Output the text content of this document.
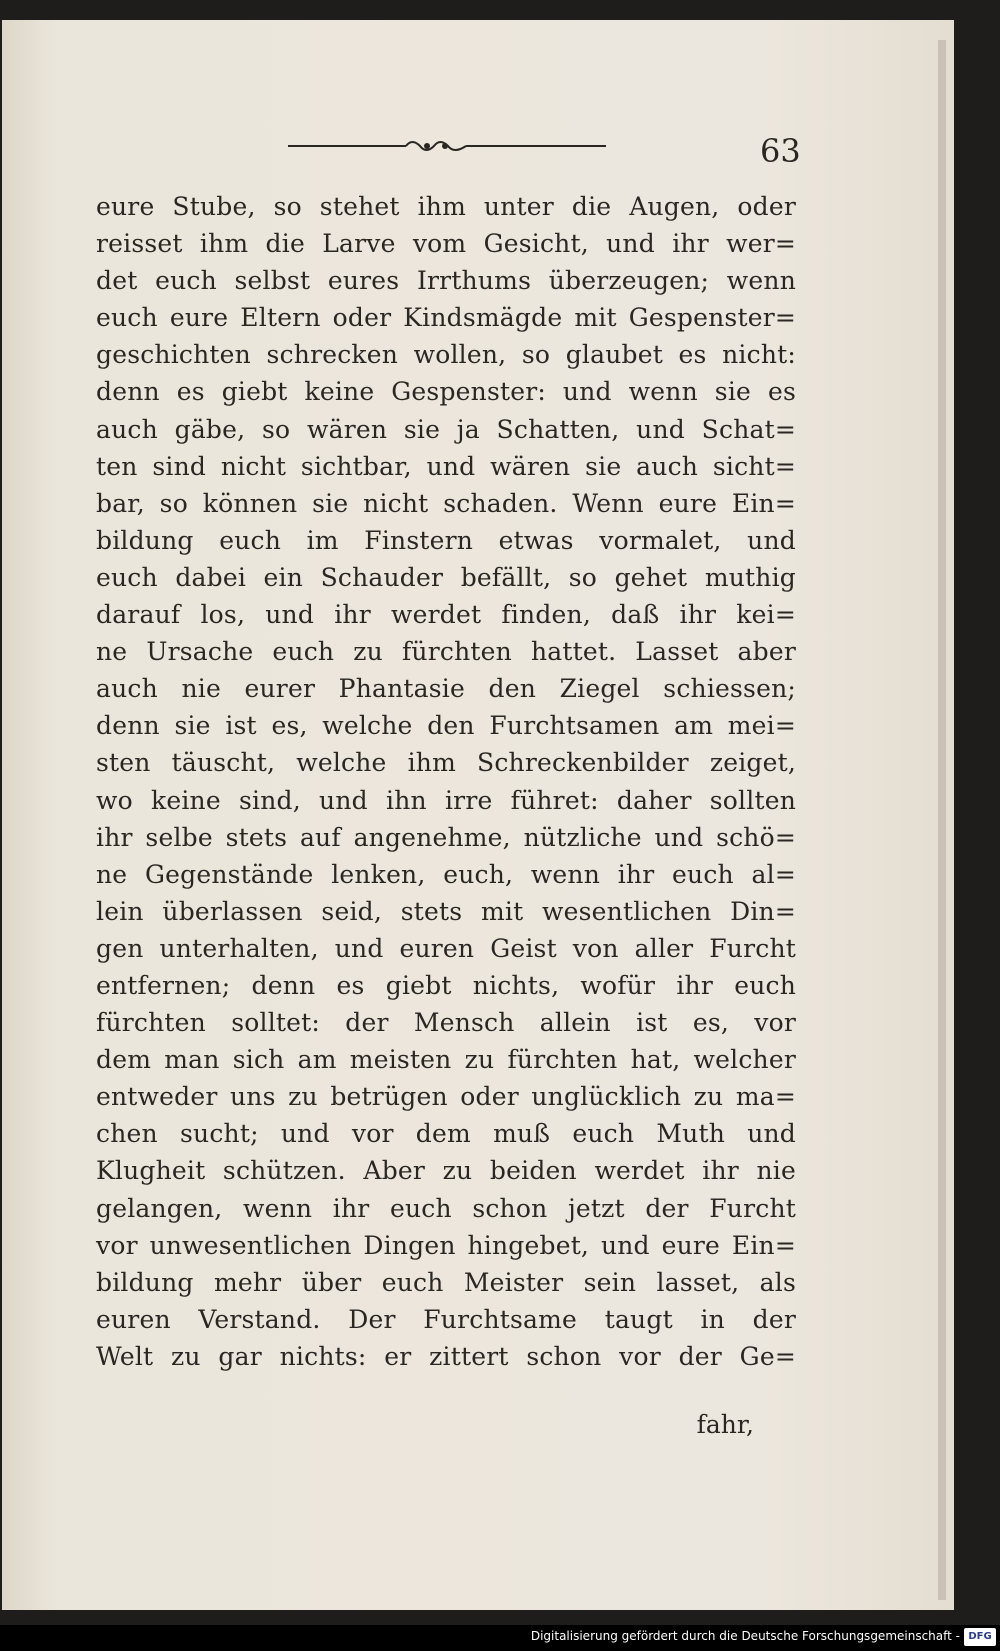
63
eure Stube, so stehet ihm unter die Augen, oder
reisset ihm die Larve vom Gesicht, und ihr wer=
det euch selbst eures Irrthums überzeugen; wenn
euch eure Eltern oder Kindsmägde mit Gespenster=
geschichten schrecken wollen, so glaubet es nicht:
denn es giebt keine Gespenster: und wenn sie es
auch gäbe, so wären sie ja Schatten, und Schat=
ten sind nicht sichtbar, und wären sie auch sicht=
bar, so können sie nicht schaden. Wenn eure Ein=
bildung euch im Finstern etwas vormalet, und
euch dabei ein Schauder befällt, so gehet muthig
darauf los, und ihr werdet finden, daß ihr kei=
ne Ursache euch zu fürchten hattet. Lasset aber
auch nie eurer Phantasie den Ziegel schiessen;
denn sie ist es, welche den Furchtsamen am mei=
sten täuscht, welche ihm Schreckenbilder zeiget,
wo keine sind, und ihn irre führet: daher sollten
ihr selbe stets auf angenehme, nützliche und schö=
ne Gegenstände lenken, euch, wenn ihr euch al=
lein überlassen seid, stets mit wesentlichen Din=
gen unterhalten, und euren Geist von aller Furcht
entfernen; denn es giebt nichts, wofür ihr euch
fürchten solltet: der Mensch allein ist es, vor
dem man sich am meisten zu fürchten hat, welcher
entweder uns zu betrügen oder unglücklich zu ma=
chen sucht; und vor dem muß euch Muth und
Klugheit schützen. Aber zu beiden werdet ihr nie
gelangen, wenn ihr euch schon jetzt der Furcht
vor unwesentlichen Dingen hingebet, und eure Ein=
bildung mehr über euch Meister sein lasset, als
euren Verstand. Der Furchtsame taugt in der
Welt zu gar nichts: er zittert schon vor der Ge=
fahr,
Digitalisierung gefördert durch die Deutsche Forschungsgemeinschaft - DFG
